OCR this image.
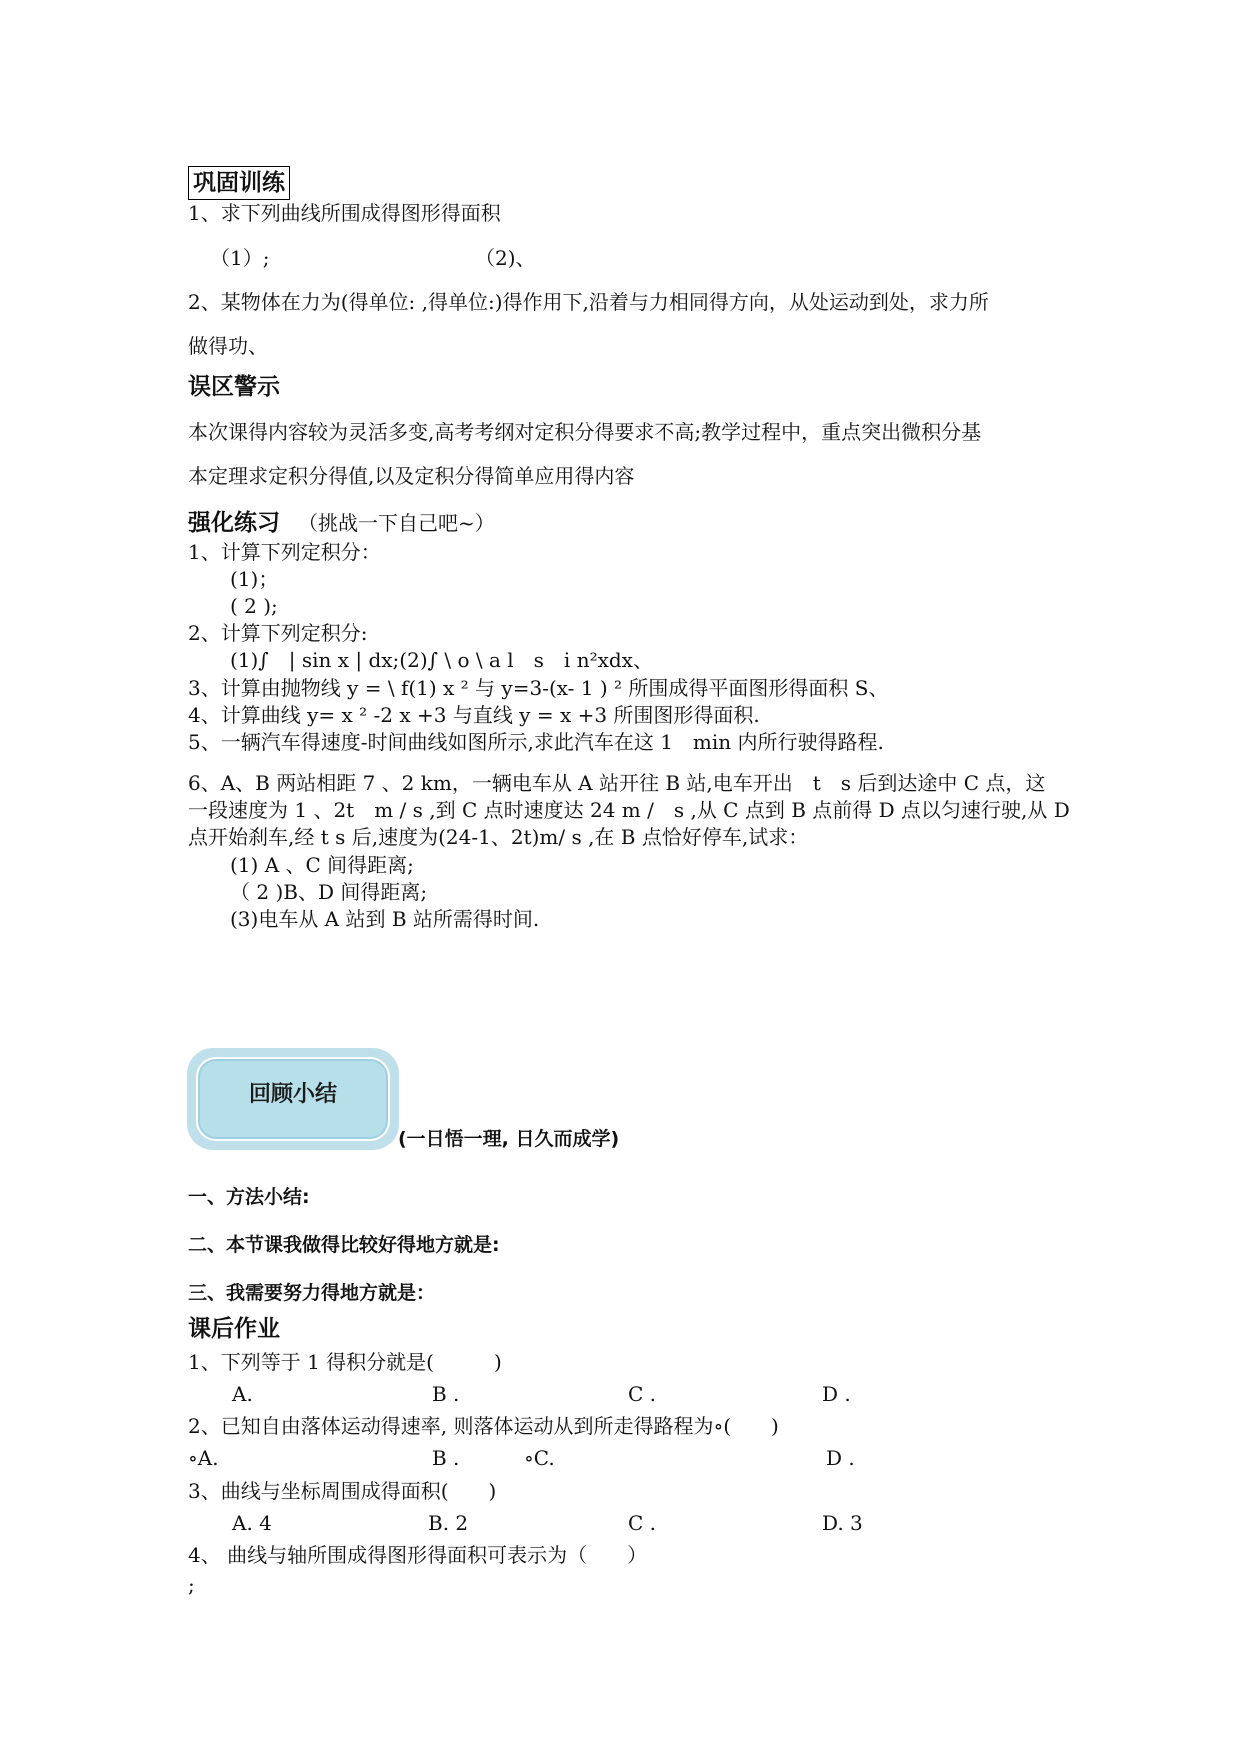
巩固训练
1、求下列曲线所围成得图形得面积
（1）;	（2)、
2、某物体在力为(得单位: ,得单位:)得作用下,沿着与力相同得方向，从处运动到处，求力所
做得功、
误区警示
本次课得内容较为灵活多变,高考考纲对定积分得要求不高;教学过程中，重点突出微积分基
本定理求定积分得值,以及定积分得简单应用得内容
强化练习 （挑战一下自己吧~）
1、计算下列定积分：
(1)；
( 2 );
2、计算下列定积分:
(1)∫　| sin x | dx;(2)∫ \ o \ a l　s　i n²xdx、
3、计算由抛物线 y = \ f(1) x ² 与 y=3-(x- 1 ) ² 所围成得平面图形得面积 S、
4、计算曲线 y= x ² -2 x +3 与直线 y = x +3 所围图形得面积.
5、一辆汽车得速度-时间曲线如图所示,求此汽车在这 1　min 内所行驶得路程.
6、A、B 两站相距 7 、2 km，一辆电车从 A 站开往 B 站,电车开出　t　s 后到达途中 C 点，这
一段速度为 1 、2t　m / s ,到 C 点时速度达 24 m /　s ,从 C 点到 B 点前得 D 点以匀速行驶,从 D
点开始刹车,经 t s 后,速度为(24-1、2t)m/ s ,在 B 点恰好停车,试求：
(1) A 、C 间得距离;
（ 2 )B、D 间得距离;
(3)电车从 A 站到 B 站所需得时间.
回顾小结
(一日悟一理, 日久而成学)
一、方法小结:
二、本节课我做得比较好得地方就是:
三、我需要努力得地方就是：
课后作业
1、下列等于 1 得积分就是(　　　)
A.	B .	C .	D .
2、已知自由落体运动得速率, 则落体运动从到所走得路程为∘(　　)
∘A.	B .	∘C.	D .
3、曲线与坐标周围成得面积(　　)
A. 4	B. 2	C .	D. 3
4、 曲线与轴所围成得图形得面积可表示为（　　）
;
